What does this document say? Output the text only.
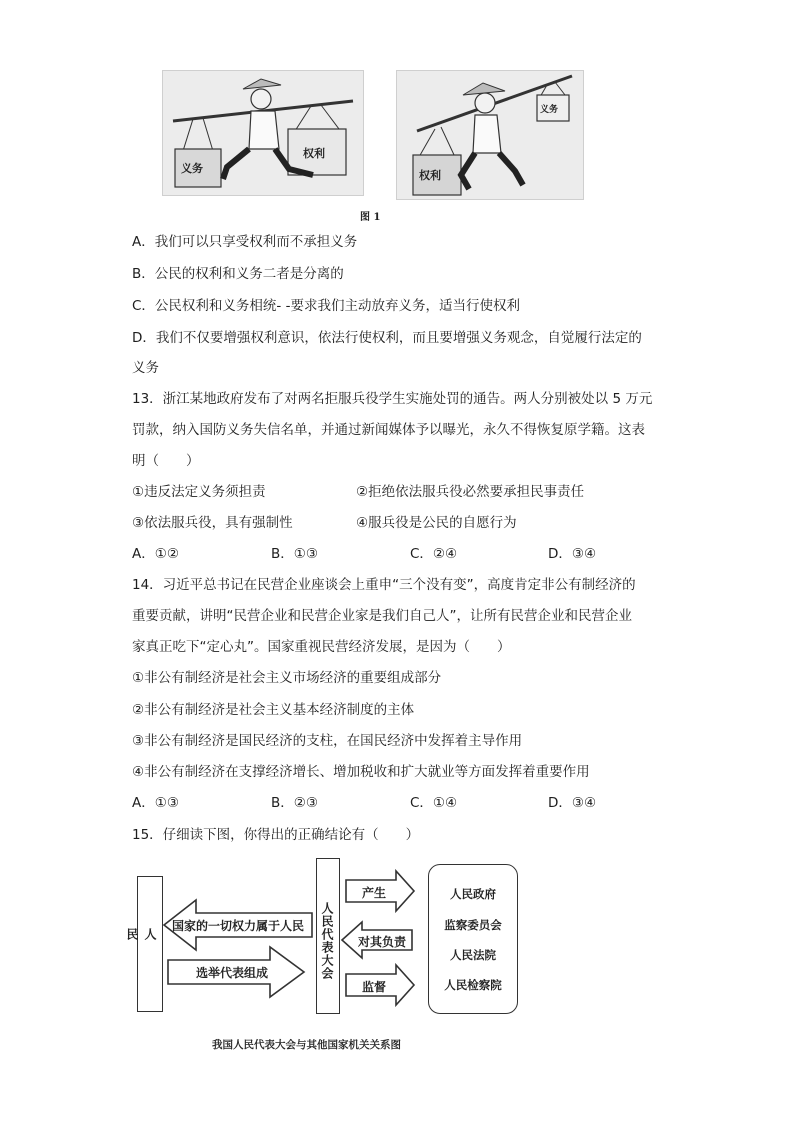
义务
权利
权利
义务
图 1
A．我们可以只享受权利而不承担义务
B．公民的权利和义务二者是分离的
C．公民权利和义务相统- -要求我们主动放弃义务，适当行使权利
D．我们不仅要增强权利意识，依法行使权利，而且要增强义务观念，自觉履行法定的
义务
13．浙江某地政府发布了对两名拒服兵役学生实施处罚的通告。两人分别被处以 5 万元
罚款，纳入国防义务失信名单，并通过新闻媒体予以曝光，永久不得恢复原学籍。这表
明（　　）
①违反法定义务须担责	②拒绝依法服兵役必然要承担民事责任
③依法服兵役，具有强制性	④服兵役是公民的自愿行为
A．①②	B．①③	C．②④	D．③④
14．习近平总书记在民营企业座谈会上重申“三个没有变”，高度肯定非公有制经济的
重要贡献，讲明“民营企业和民营企业家是我们自己人”，让所有民营企业和民营企业
家真正吃下“定心丸”。国家重视民营经济发展，是因为（　　）
①非公有制经济是社会主义市场经济的重要组成部分
②非公有制经济是社会主义基本经济制度的主体
③非公有制经济是国民经济的支柱，在国民经济中发挥着主导作用
④非公有制经济在支撑经济增长、增加税收和扩大就业等方面发挥着重要作用
A．①③	B．②③	C．①④	D．③④
15．仔细读下图，你得出的正确结论有（　　）
人民	人民代表大会
国家的一切权力属于人民
选举代表组成
产生
对其负责
监督
人民政府
监察委员会
人民法院
人民检察院
我国人民代表大会与其他国家机关关系图
